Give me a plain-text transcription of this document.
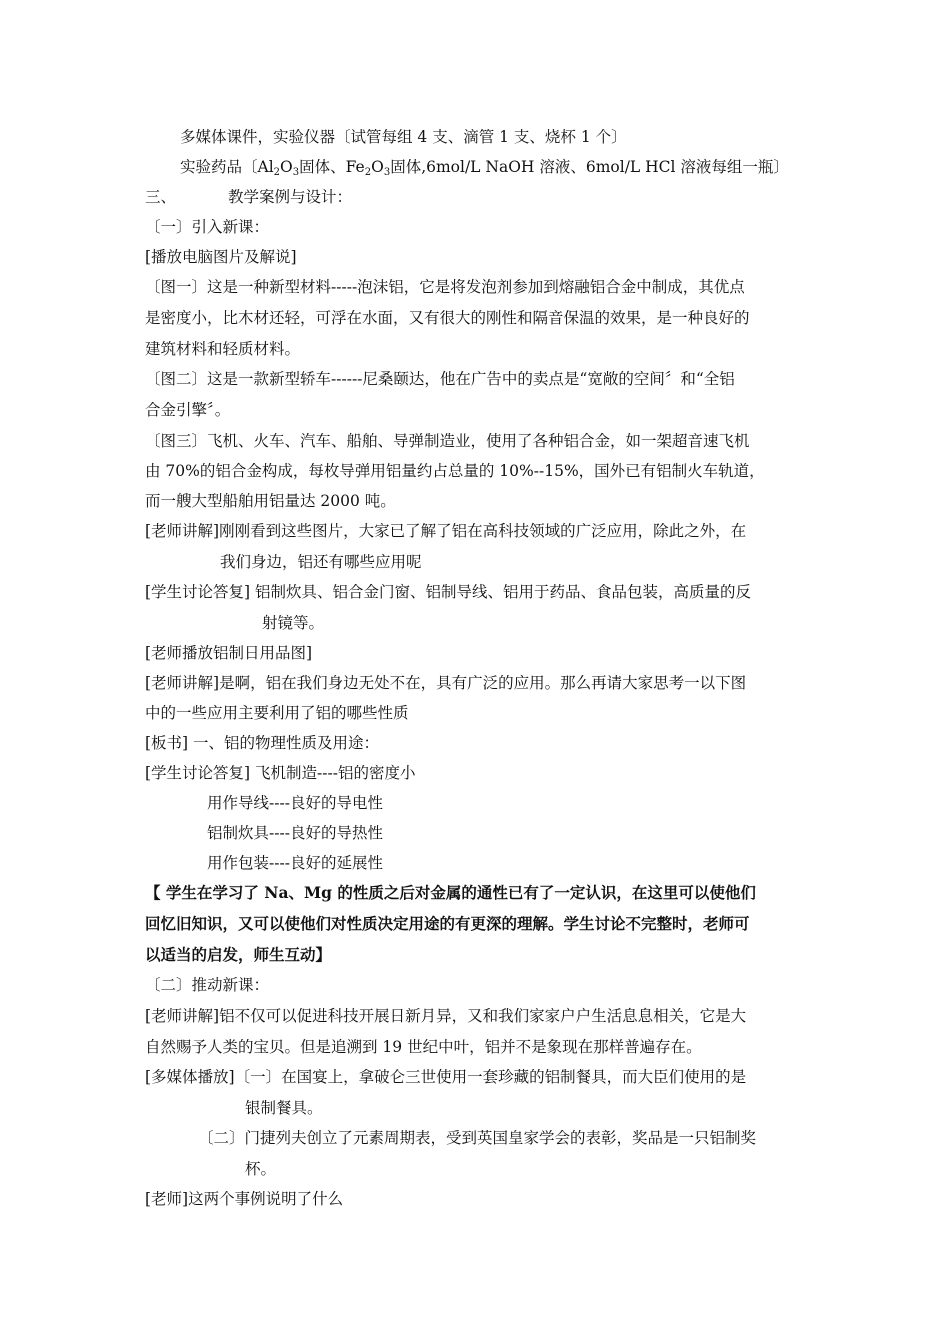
多媒体课件，实验仪器〔试管每组 4 支、滴管 1 支、烧杯 1 个〕
实验药品〔$Al_2O_3$固体、$Fe_2O_3$固体,6mol/L NaOH 溶液、6mol/L HCl 溶液每组一瓶〕
三、	教学案例与设计：
〔一〕引入新课：
[播放电脑图片及解说]
〔图一〕这是一种新型材料-----泡沫铝，它是将发泡剂参加到熔融铝合金中制成，其优点
是密度小，比木材还轻，可浮在水面，又有很大的刚性和隔音保温的效果，是一种良好的
建筑材料和轻质材料。
〔图二〕这是一款新型轿车------尼桑颐达，他在广告中的卖点是“宽敞的空间〞和“全铝
合金引擎〞。
〔图三〕飞机、火车、汽车、船舶、导弹制造业，使用了各种铝合金，如一架超音速飞机
由 70%的铝合金构成，每枚导弹用铝量约占总量的 10%--15%，国外已有铝制火车轨道，
而一艘大型船舶用铝量达 2000 吨。
[老师讲解]刚刚看到这些图片，大家已了解了铝在高科技领域的广泛应用，除此之外，在
我们身边，铝还有哪些应用呢
[学生讨论答复] 铝制炊具、铝合金门窗、铝制导线、铝用于药品、食品包装，高质量的反
射镜等。
[老师播放铝制日用品图]
[老师讲解]是啊，铝在我们身边无处不在，具有广泛的应用。那么再请大家思考一以下图
中的一些应用主要利用了铝的哪些性质
[板书] 一、铝的物理性质及用途：
[学生讨论答复] 飞机制造----铝的密度小
用作导线----良好的导电性
铝制炊具----良好的导热性
用作包装----良好的延展性
【 学生在学习了 Na、Mg 的性质之后对金属的通性已有了一定认识，在这里可以使他们
回忆旧知识，又可以使他们对性质决定用途的有更深的理解。学生讨论不完整时，老师可
以适当的启发，师生互动】
〔二〕推动新课：
[老师讲解]铝不仅可以促进科技开展日新月异，又和我们家家户户生活息息相关，它是大
自然赐予人类的宝贝。但是追溯到 19 世纪中叶，铝并不是象现在那样普遍存在。
[多媒体播放]〔一〕在国宴上，拿破仑三世使用一套珍藏的铝制餐具，而大臣们使用的是
银制餐具。
〔二〕门捷列夫创立了元素周期表，受到英国皇家学会的表彰，奖品是一只铝制奖
杯。
[老师]这两个事例说明了什么
